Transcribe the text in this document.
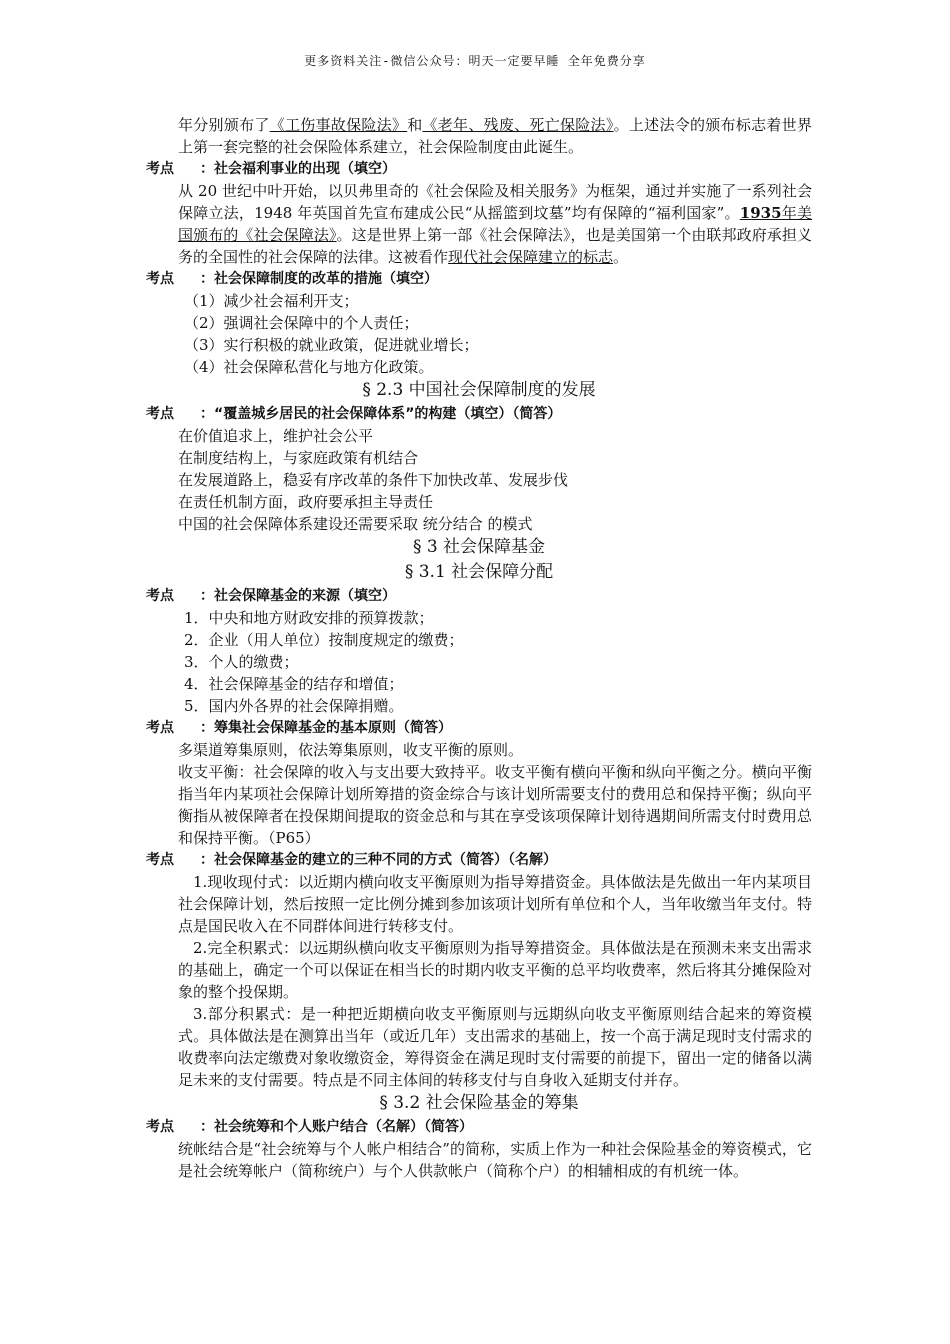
更多资料关注-微信公众号：明天一定要早睡 全年免费分享
年分别颁布了《工伤事故保险法》和《老年、残废、死亡保险法》。上述法令的颁布标志着世界上第一套完整的社会保险体系建立，社会保险制度由此诞生。
考点 ：社会福利事业的出现（填空）
从 20 世纪中叶开始，以贝弗里奇的《社会保险及相关服务》为框架，通过并实施了一系列社会保障立法，1948 年英国首先宣布建成公民“从摇篮到坟墓”均有保障的“福利国家”。1935年美国颁布的《社会保障法》。这是世界上第一部《社会保障法》，也是美国第一个由联邦政府承担义务的全国性的社会保障的法律。这被看作现代社会保障建立的标志。
考点 ：社会保障制度的改革的措施（填空）
（1）减少社会福利开支；
（2）强调社会保障中的个人责任；
（3）实行积极的就业政策，促进就业增长；
（4）社会保障私营化与地方化政策。
§ 2.3 中国社会保障制度的发展
考点 ：“覆盖城乡居民的社会保障体系”的构建（填空）（简答）
在价值追求上，维护社会公平
在制度结构上，与家庭政策有机结合
在发展道路上，稳妥有序改革的条件下加快改革、发展步伐
在责任机制方面，政府要承担主导责任
中国的社会保障体系建设还需要采取 统分结合 的模式
§ 3 社会保障基金
§ 3.1 社会保障分配
考点 ：社会保障基金的来源（填空）
1．中央和地方财政安排的预算拨款；
2．企业（用人单位）按制度规定的缴费；
3．个人的缴费；
4．社会保障基金的结存和增值；
5．国内外各界的社会保障捐赠。
考点 ：筹集社会保障基金的基本原则（简答）
多渠道筹集原则，依法筹集原则，收支平衡的原则。
收支平衡：社会保障的收入与支出要大致持平。收支平衡有横向平衡和纵向平衡之分。横向平衡指当年内某项社会保障计划所筹措的资金综合与该计划所需要支付的费用总和保持平衡；纵向平衡指从被保障者在投保期间提取的资金总和与其在享受该项保障计划待遇期间所需支付时费用总和保持平衡。（P65）
考点 ：社会保障基金的建立的三种不同的方式（简答）（名解）
1.现收现付式：以近期内横向收支平衡原则为指导筹措资金。具体做法是先做出一年内某项目社会保障计划，然后按照一定比例分摊到参加该项计划所有单位和个人，当年收缴当年支付。特点是国民收入在不同群体间进行转移支付。
2.完全积累式：以远期纵横向收支平衡原则为指导筹措资金。具体做法是在预测未来支出需求的基础上，确定一个可以保证在相当长的时期内收支平衡的总平均收费率，然后将其分摊保险对象的整个投保期。
3.部分积累式：是一种把近期横向收支平衡原则与远期纵向收支平衡原则结合起来的筹资模式。具体做法是在测算出当年（或近几年）支出需求的基础上，按一个高于满足现时支付需求的收费率向法定缴费对象收缴资金，筹得资金在满足现时支付需要的前提下，留出一定的储备以满足未来的支付需要。特点是不同主体间的转移支付与自身收入延期支付并存。
§ 3.2 社会保险基金的筹集
考点 ：社会统筹和个人账户结合（名解）（简答）
统帐结合是“社会统筹与个人帐户相结合”的简称，实质上作为一种社会保险基金的筹资模式，它是社会统筹帐户（简称统户）与个人供款帐户（简称个户）的相辅相成的有机统一体。
